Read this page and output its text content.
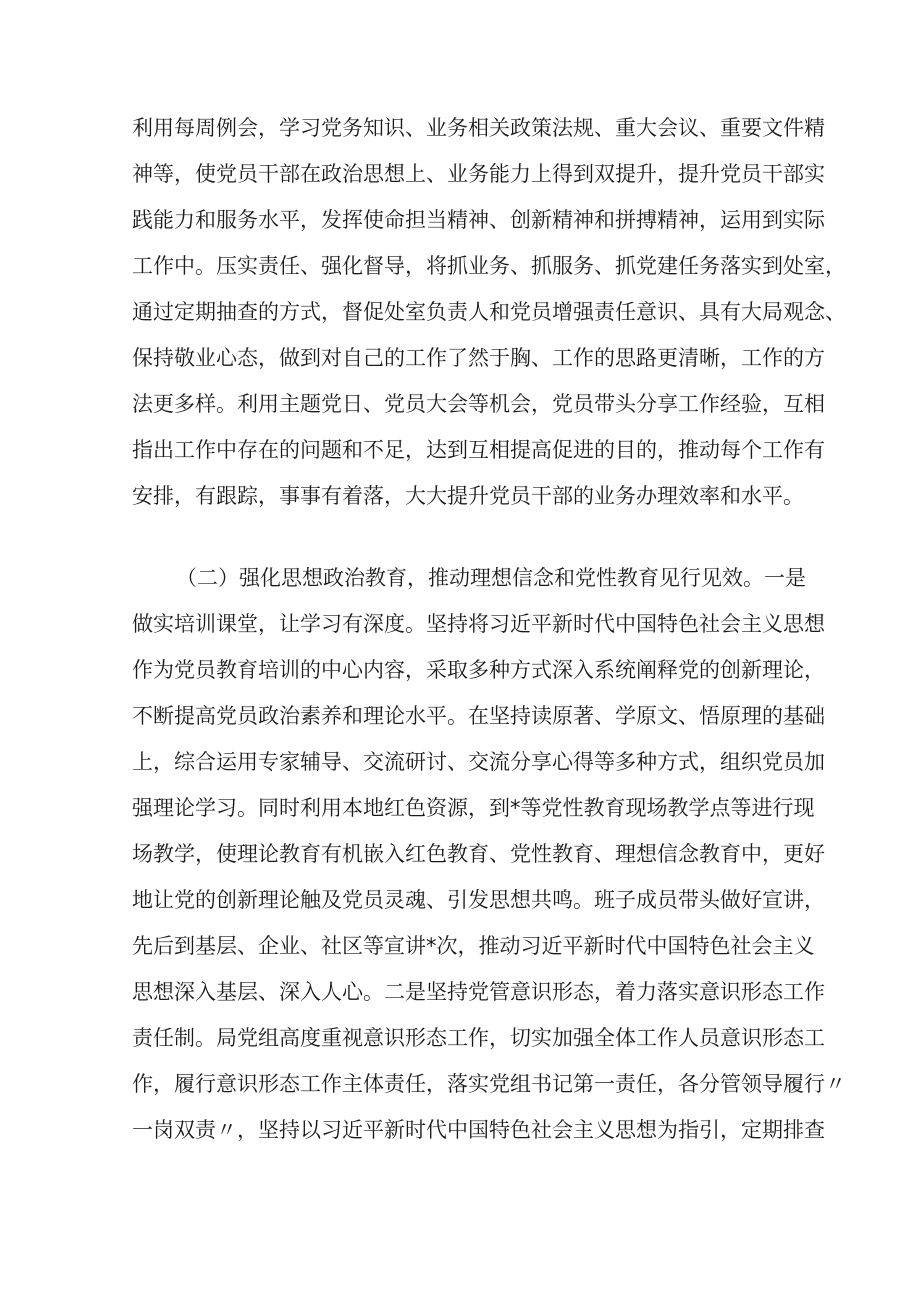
利用每周例会，学习党务知识、业务相关政策法规、重大会议、重要文件精
神等，使党员干部在政治思想上、业务能力上得到双提升，提升党员干部实
践能力和服务水平，发挥使命担当精神、创新精神和拼搏精神，运用到实际
工作中。压实责任、强化督导，将抓业务、抓服务、抓党建任务落实到处室，
通过定期抽查的方式，督促处室负责人和党员增强责任意识、具有大局观念、
保持敬业心态，做到对自己的工作了然于胸、工作的思路更清晰，工作的方
法更多样。利用主题党日、党员大会等机会，党员带头分享工作经验，互相
指出工作中存在的问题和不足，达到互相提高促进的目的，推动每个工作有
安排，有跟踪，事事有着落，大大提升党员干部的业务办理效率和水平。
（二）强化思想政治教育，推动理想信念和党性教育见行见效。一是
做实培训课堂，让学习有深度。坚持将习近平新时代中国特色社会主义思想
作为党员教育培训的中心内容，采取多种方式深入系统阐释党的创新理论，
不断提高党员政治素养和理论水平。在坚持读原著、学原文、悟原理的基础
上，综合运用专家辅导、交流研讨、交流分享心得等多种方式，组织党员加
强理论学习。同时利用本地红色资源，到*等党性教育现场教学点等进行现
场教学，使理论教育有机嵌入红色教育、党性教育、理想信念教育中，更好
地让党的创新理论触及党员灵魂、引发思想共鸣。班子成员带头做好宣讲，
先后到基层、企业、社区等宣讲*次，推动习近平新时代中国特色社会主义
思想深入基层、深入人心。二是坚持党管意识形态，着力落实意识形态工作
责任制。局党组高度重视意识形态工作，切实加强全体工作人员意识形态工
作，履行意识形态工作主体责任，落实党组书记第一责任，各分管领导履行〃
一岗双责〃，坚持以习近平新时代中国特色社会主义思想为指引，定期排查
